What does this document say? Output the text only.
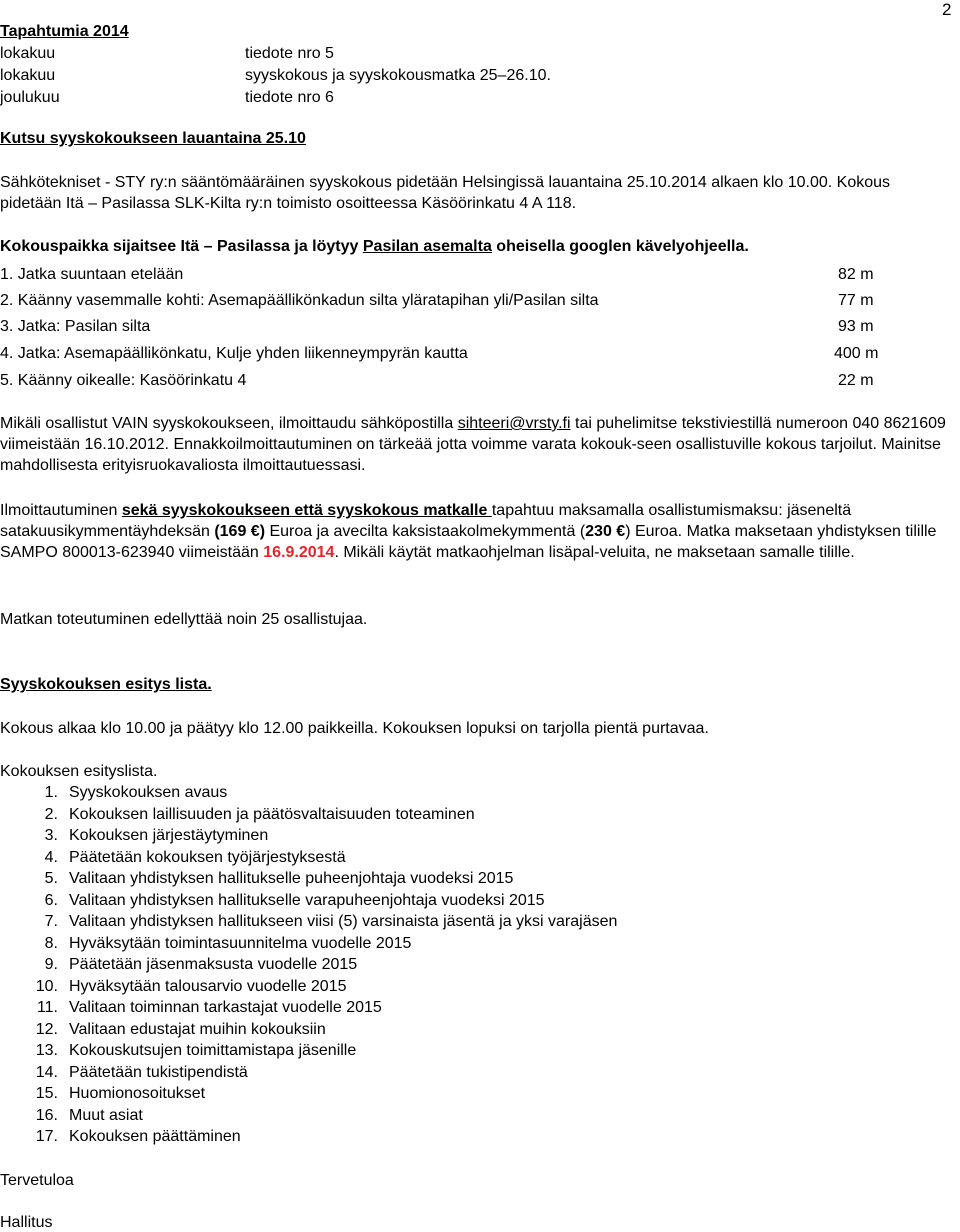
2
Tapahtumia 2014
lokakuu	tiedote nro 5
lokakuu	syyskokous ja syyskokousmatka 25–26.10.
joulukuu	tiedote nro 6
Kutsu syyskokoukseen lauantaina 25.10
Sähkötekniset - STY ry:n sääntömääräinen syyskokous pidetään Helsingissä lauantaina 25.10.2014 alkaen klo 10.00. Kokous pidetään Itä – Pasilassa SLK-Kilta ry:n toimisto osoitteessa Käsöörinkatu 4 A 118.
Kokouspaikka sijaitsee Itä – Pasilassa ja löytyy Pasilan asemalta oheisella googlen kävelyohjeella.
1. Jatka suuntaan etelään	82 m
2. Käänny vasemmalle kohti: Asemapäällikönkadun silta yläratapihan yli/Pasilan silta	77 m
3. Jatka: Pasilan silta	93 m
4. Jatka: Asemapäällikönkatu, Kulje yhden liikenneympyrän kautta	400 m
5. Käänny oikealle: Kasöörinkatu 4	22 m
Mikäli osallistut VAIN syyskokoukseen, ilmoittaudu sähköpostilla sihteeri@vrsty.fi tai puhelimitse tekstiviestillä numeroon 040 8621609 viimeistään 16.10.2012. Ennakkoilmoittautuminen on tärkeää jotta voimme varata kokouk-seen osallistuville kokous tarjoilut. Mainitse mahdollisesta erityisruokavaliosta ilmoittautuessasi.
Ilmoittautuminen sekä syyskokoukseen että syyskokous matkalle tapahtuu maksamalla osallistumismaksu: jäseneltä satakuusikymmentäyhdeksän (169 €) Euroa ja avecilta kaksistaakolmekymmentä (230 €) Euroa. Matka maksetaan yhdistyksen tilille SAMPO 800013-623940 viimeistään 16.9.2014. Mikäli käytät matkaohjelman lisäpal-veluita, ne maksetaan samalle tilille.
Matkan toteutuminen edellyttää noin 25 osallistujaa.
Syyskokouksen esitys lista.
Kokous alkaa klo 10.00 ja päätyy klo 12.00 paikkeilla. Kokouksen lopuksi on tarjolla pientä purtavaa.
Kokouksen esityslista.
1. Syyskokouksen avaus
2. Kokouksen laillisuuden ja päätösvaltaisuuden toteaminen
3. Kokouksen järjestäytyminen
4. Päätetään kokouksen työjärjestyksestä
5. Valitaan yhdistyksen hallitukselle puheenjohtaja vuodeksi 2015
6. Valitaan yhdistyksen hallitukselle varapuheenjohtaja vuodeksi 2015
7. Valitaan yhdistyksen hallitukseen viisi (5) varsinaista jäsentä ja yksi varajäsen
8. Hyväksytään toimintasuunnitelma vuodelle 2015
9. Päätetään jäsenmaksusta vuodelle 2015
10. Hyväksytään talousarvio vuodelle 2015
11. Valitaan toiminnan tarkastajat vuodelle 2015
12. Valitaan edustajat muihin kokouksiin
13. Kokouskutsujen toimittamistapa jäsenille
14. Päätetään tukistipendistä
15. Huomionosoitukset
16. Muut asiat
17. Kokouksen päättäminen
Tervetuloa
Hallitus
